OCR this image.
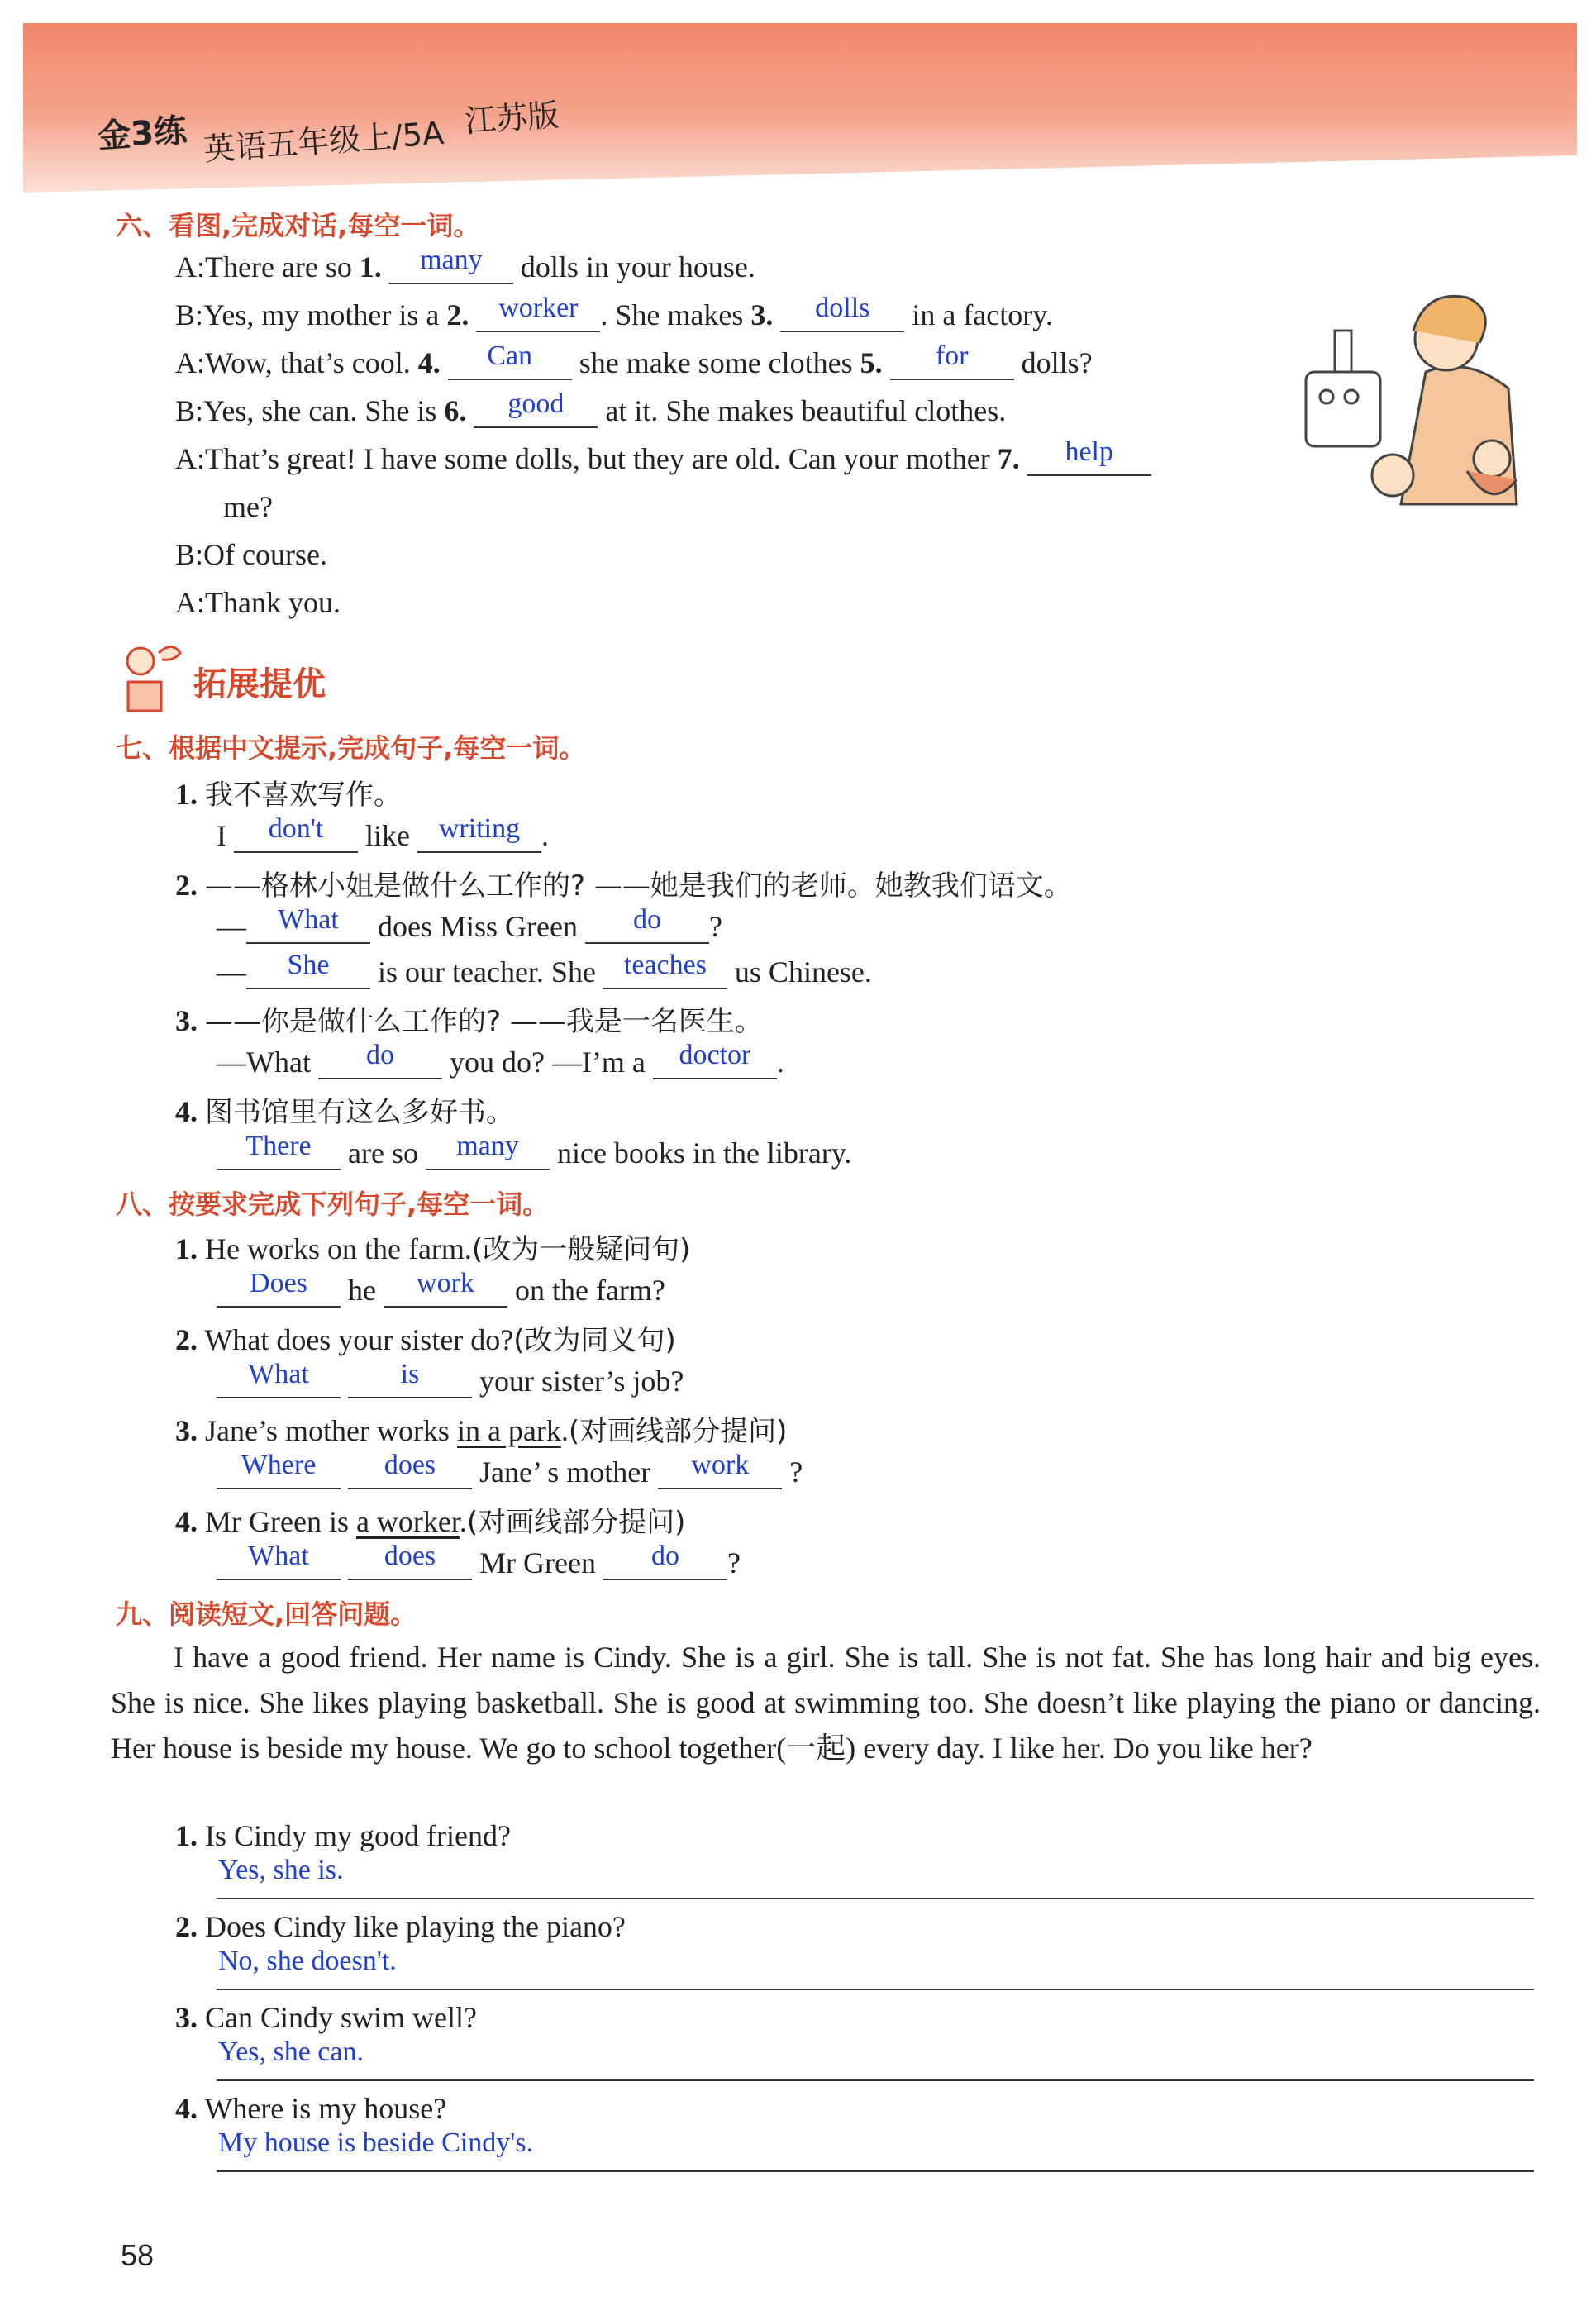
金3练 英语五年级上/5A 江苏版
六、看图,完成对话,每空一词。
A:There are so 1.	many	dolls in your house.
B:Yes, my mother is a 2.	worker . She makes 3.	dolls	in a factory.
A:Wow, that’s cool. 4.	Can	she make some clothes 5.	for	dolls?
B:Yes, she can. She is 6.	good	at it. She makes beautiful clothes.
A:That’s great! I have some dolls, but they are old. Can your mother 7.	help
me?
B:Of course.
A:Thank you.
拓展提优
七、根据中文提示,完成句子,每空一词。
1. 我不喜欢写作。
I	don't	like	writing .
2. ——格林小姐是做什么工作的? ——她是我们的老师。她教我们语文。
—	What	does Miss Green	do	?
—	She	is our teacher. She teaches us Chinese.
3. ——你是做什么工作的? ——我是一名医生。
—What	do	you do? —I’m a	doctor .
4. 图书馆里有这么多好书。
There	are so	many	nice books in the library.
八、按要求完成下列句子,每空一词。
1. He works on the farm.(改为一般疑问句)
Does	he	work	on the farm?
2. What does your sister do?(改为同义句)
What
	is	your sister’s job?
3. Jane’s mother works in a park.(对画线部分提问)
Where
	does	Jane’ s mother	work	?
4. Mr Green is a worker.(对画线部分提问)
What
	does	Mr Green	do	?
九、阅读短文,回答问题。
I have a good friend. Her name is Cindy. She is a girl. She is tall. She is not fat. She has long hair and big eyes. She is nice. She likes playing basketball. She is good at swimming too. She doesn’t like playing the piano or dancing. Her house is beside my house. We go to school together(一起) every day. I like her. Do you like her?
1. Is Cindy my good friend?
Yes, she is.
2. Does Cindy like playing the piano?
No, she doesn't.
3. Can Cindy swim well?
Yes, she can.
4. Where is my house?
My house is beside Cindy's.
58
